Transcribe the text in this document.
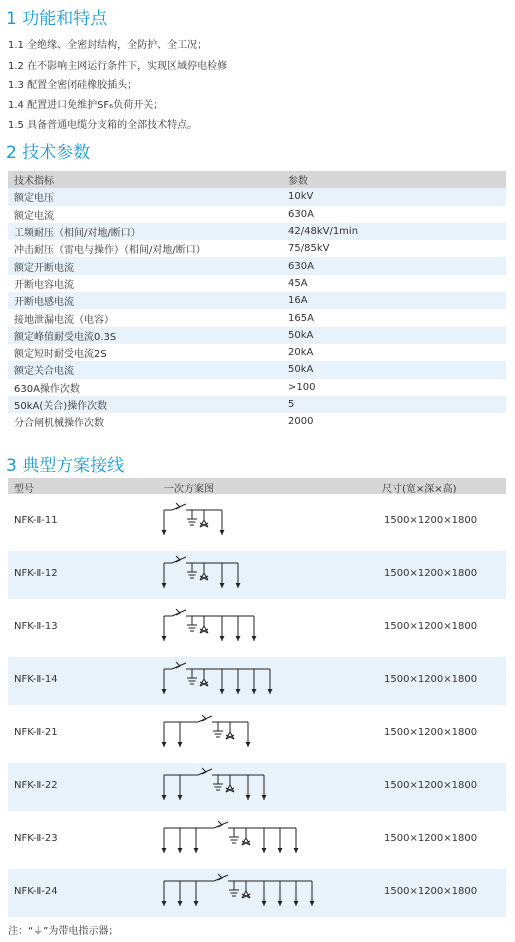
1 功能和特点
1.1 全绝缘、全密封结构，全防护、全工况；
1.2 在不影响主网运行条件下，实现区域停电检修
1.3 配置全密闭硅橡胶插头；
1.4 配置进口免维护SF₆负荷开关；
1.5 具备普通电缆分支箱的全部技术特点。
2 技术参数
技术指标	参数
额定电压	10kV
额定电流	630A
工频耐压（相间/对地/断口）	42/48kV/1min
冲击耐压（雷电与操作）（相间/对地/断口）	75/85kV
额定开断电流	630A
开断电容电流	45A
开断电感电流	16A
接地泄漏电流（电容）	165A
额定峰值耐受电流0.3S	50kA
额定短时耐受电流2S	20kA
额定关合电流	50kA
630A操作次数	>100
50kA(关合)操作次数	5
分合闸机械操作次数	2000
3 典型方案接线
型号	一次方案图	尺寸(宽×深×高)
NFK-Ⅱ-11	1500×1200×1800
NFK-Ⅱ-12	1500×1200×1800
NFK-Ⅱ-13	1500×1200×1800
NFK-Ⅱ-14	1500×1200×1800
NFK-Ⅱ-21	1500×1200×1800
NFK-Ⅱ-22	1500×1200×1800
NFK-Ⅱ-23	1500×1200×1800
NFK-Ⅱ-24	1500×1200×1800
注：“⏚”为带电指示器；
